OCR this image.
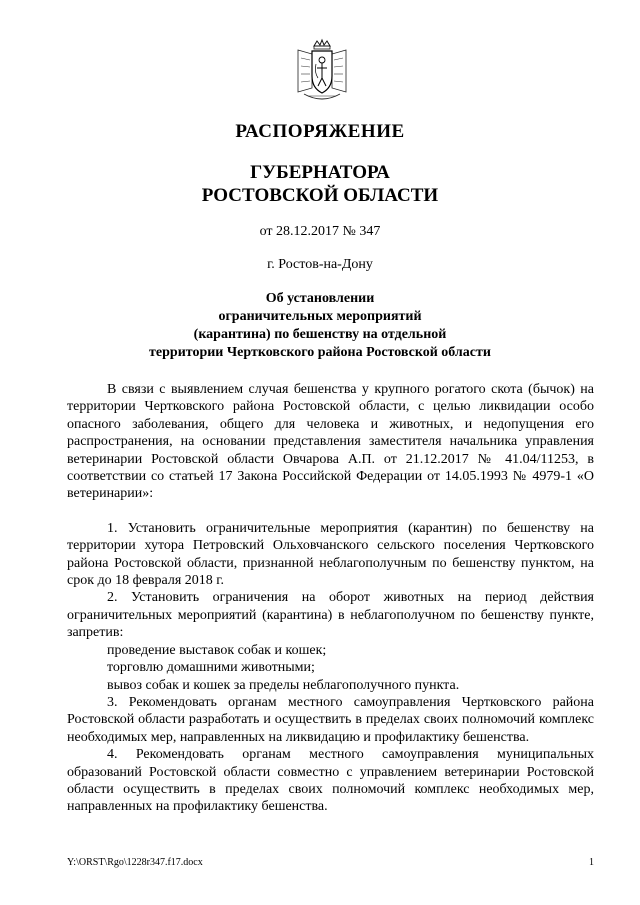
РАСПОРЯЖЕНИЕ
ГУБЕРНАТОРА
РОСТОВСКОЙ ОБЛАСТИ
от 28.12.2017 № 347
г. Ростов-на-Дону
Об установлении
ограничительных мероприятий
(карантина) по бешенству на отдельной
территории Чертковского района Ростовской области

В связи с выявлением случая бешенства у крупного рогатого скота (бычок) на территории Чертковского района Ростовской области, с целью ликвидации особо опасного заболевания, общего для человека и животных, и недопущения его распространения, на основании представления заместителя начальника управления ветеринарии Ростовской области Овчарова А.П. от 21.12.2017 № 41.04/11253, в соответствии со статьей 17 Закона Российской Федерации от 14.05.1993 № 4979-1 «О ветеринарии»:

1. Установить ограничительные мероприятия (карантин) по бешенству на территории хутора Петровский Ольховчанского сельского поселения Чертковского района Ростовской области, признанной неблагополучным по бешенству пунктом, на срок до 18 февраля 2018 г.

2. Установить ограничения на оборот животных на период действия ограничительных мероприятий (карантина) в неблагополучном по бешенству пункте, запретив:

проведение выставок собак и кошек;

торговлю домашними животными;

вывоз собак и кошек за пределы неблагополучного пункта.

3. Рекомендовать органам местного самоуправления Чертковского района Ростовской области разработать и осуществить в пределах своих полномочий комплекс необходимых мер, направленных на ликвидацию и профилактику бешенства.

4. Рекомендовать органам местного самоуправления муниципальных образований Ростовской области совместно с управлением ветеринарии Ростовской области осуществить в пределах своих полномочий комплекс необходимых мер, направленных на профилактику бешенства.

Y:\ORST\Rgo\1228r347.f17.docx	1
